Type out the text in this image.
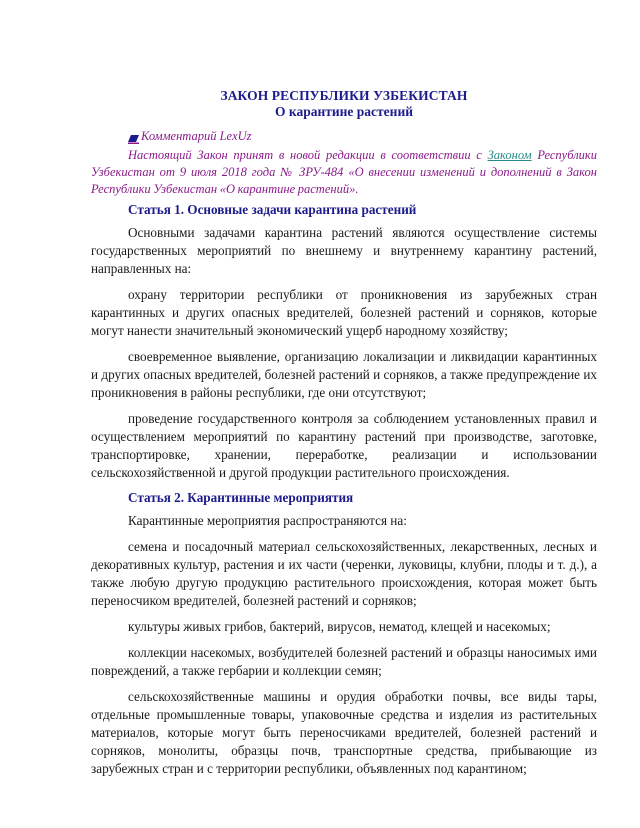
ЗАКОН РЕСПУБЛИКИ УЗБЕКИСТАН
О карантине растений
Комментарий LexUz

Настоящий Закон принят в новой редакции в соответствии с Законом Республики Узбекистан от 9 июля 2018 года № ЗРУ-484 «О внесении изменений и дополнений в Закон Республики Узбекистан «О карантине растений».

Статья 1. Основные задачи карантина растений

Основными задачами карантина растений являются осуществление системы государственных мероприятий по внешнему и внутреннему карантину растений, направленных на:

охрану территории республики от проникновения из зарубежных стран карантинных и других опасных вредителей, болезней растений и сорняков, которые могут нанести значительный экономический ущерб народному хозяйству;

своевременное выявление, организацию локализации и ликвидации карантинных и других опасных вредителей, болезней растений и сорняков, а также предупреждение их проникновения в районы республики, где они отсутствуют;

проведение государственного контроля за соблюдением установленных правил и осуществлением мероприятий по карантину растений при производстве, заготовке, транспортировке, хранении, переработке, реализации и использовании сельскохозяйственной и другой продукции растительного происхождения.

Статья 2. Карантинные мероприятия

Карантинные мероприятия распространяются на:

семена и посадочный материал сельскохозяйственных, лекарственных, лесных и декоративных культур, растения и их части (черенки, луковицы, клубни, плоды и т. д.), а также любую другую продукцию растительного происхождения, которая может быть переносчиком вредителей, болезней растений и сорняков;

культуры живых грибов, бактерий, вирусов, нематод, клещей и насекомых;

коллекции насекомых, возбудителей болезней растений и образцы наносимых ими повреждений, а также гербарии и коллекции семян;

сельскохозяйственные машины и орудия обработки почвы, все виды тары, отдельные промышленные товары, упаковочные средства и изделия из растительных материалов, которые могут быть переносчиками вредителей, болезней растений и сорняков, монолиты, образцы почв, транспортные средства, прибывающие из зарубежных стран и с территории республики, объявленных под карантином;
